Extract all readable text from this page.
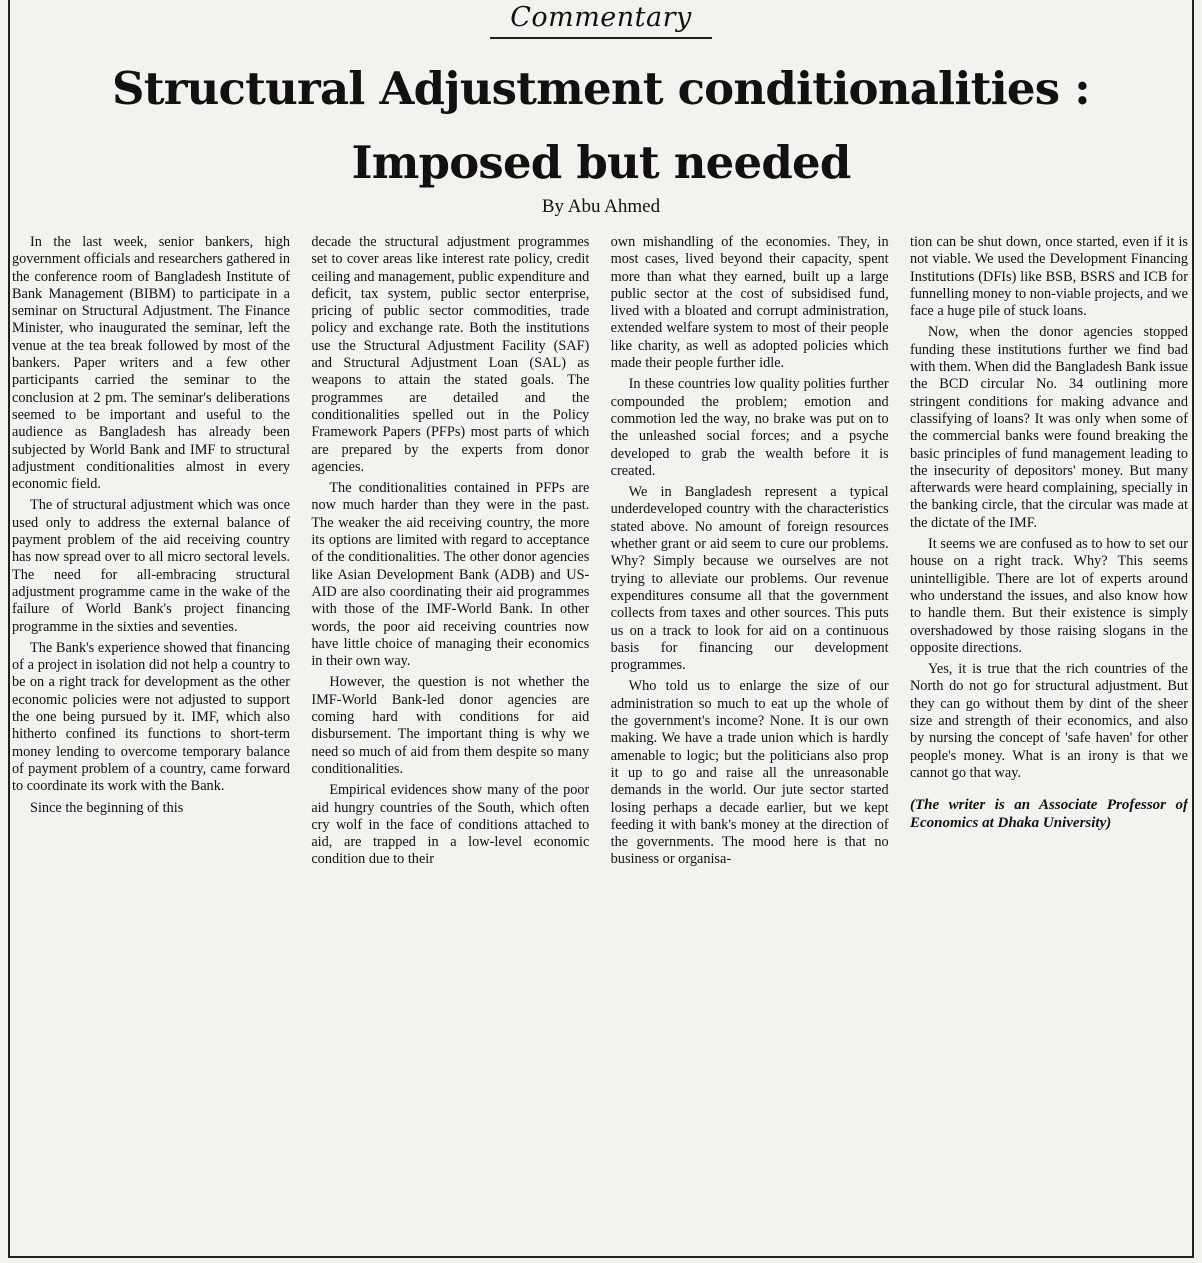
Commentary
Structural Adjustment conditionalities :
Imposed but needed
By Abu Ahmed

In the last week, senior bankers, high government officials and researchers gathered in the conference room of Bangladesh Institute of Bank Management (BIBM) to participate in a seminar on Structural Adjustment. The Finance Minister, who inaugurated the seminar, left the venue at the tea break followed by most of the bankers. Paper writers and a few other participants carried the seminar to the conclusion at 2 pm. The seminar's deliberations seemed to be important and useful to the audience as Bangladesh has already been subjected by World Bank and IMF to structural adjustment conditionalities almost in every economic field.

The of structural adjustment which was once used only to address the external balance of payment problem of the aid receiving country has now spread over to all micro sectoral levels. The need for all-embracing structural adjustment programme came in the wake of the failure of World Bank's project financing programme in the sixties and seventies.

The Bank's experience showed that financing of a project in isolation did not help a country to be on a right track for development as the other economic policies were not adjusted to support the one being pursued by it. IMF, which also hitherto confined its functions to short-term money lending to overcome temporary balance of payment problem of a country, came forward to coordinate its work with the Bank.

Since the beginning of this

decade the structural adjustment programmes set to cover areas like interest rate policy, credit ceiling and management, public expenditure and deficit, tax system, public sector enterprise, pricing of public sector commodities, trade policy and exchange rate. Both the institutions use the Structural Adjustment Facility (SAF) and Structural Adjustment Loan (SAL) as weapons to attain the stated goals. The programmes are detailed and the conditionalities spelled out in the Policy Framework Papers (PFPs) most parts of which are prepared by the experts from donor agencies.

The conditionalities contained in PFPs are now much harder than they were in the past. The weaker the aid receiving country, the more its options are limited with regard to acceptance of the conditionalities. The other donor agencies like Asian Development Bank (ADB) and US-AID are also coordinating their aid programmes with those of the IMF-World Bank. In other words, the poor aid receiving countries now have little choice of managing their economics in their own way.

However, the question is not whether the IMF-World Bank-led donor agencies are coming hard with conditions for aid disbursement. The important thing is why we need so much of aid from them despite so many conditionalities.

Empirical evidences show many of the poor aid hungry countries of the South, which often cry wolf in the face of conditions attached to aid, are trapped in a low-level economic condition due to their

own mishandling of the economies. They, in most cases, lived beyond their capacity, spent more than what they earned, built up a large public sector at the cost of subsidised fund, lived with a bloated and corrupt administration, extended welfare system to most of their people like charity, as well as adopted policies which made their people further idle.

In these countries low quality polities further compounded the problem; emotion and commotion led the way, no brake was put on to the unleashed social forces; and a psyche developed to grab the wealth before it is created.

We in Bangladesh represent a typical underdeveloped country with the characteristics stated above. No amount of foreign resources whether grant or aid seem to cure our problems. Why? Simply because we ourselves are not trying to alleviate our problems. Our revenue expenditures consume all that the government collects from taxes and other sources. This puts us on a track to look for aid on a continuous basis for financing our development programmes.

Who told us to enlarge the size of our administration so much to eat up the whole of the government's income? None. It is our own making. We have a trade union which is hardly amenable to logic; but the politicians also prop it up to go and raise all the unreasonable demands in the world. Our jute sector started losing perhaps a decade earlier, but we kept feeding it with bank's money at the direction of the governments. The mood here is that no business or organisa-

tion can be shut down, once started, even if it is not viable. We used the Development Financing Institutions (DFIs) like BSB, BSRS and ICB for funnelling money to non-viable projects, and we face a huge pile of stuck loans.

Now, when the donor agencies stopped funding these institutions further we find bad with them. When did the Bangladesh Bank issue the BCD circular No. 34 outlining more stringent conditions for making advance and classifying of loans? It was only when some of the commercial banks were found breaking the basic principles of fund management leading to the insecurity of depositors' money. But many afterwards were heard complaining, specially in the banking circle, that the circular was made at the dictate of the IMF.

It seems we are confused as to how to set our house on a right track. Why? This seems unintelligible. There are lot of experts around who understand the issues, and also know how to handle them. But their existence is simply overshadowed by those raising slogans in the opposite directions.

Yes, it is true that the rich countries of the North do not go for structural adjustment. But they can go without them by dint of the sheer size and strength of their economics, and also by nursing the concept of 'safe haven' for other people's money. What is an irony is that we cannot go that way.

(The writer is an Associate Professor of Economics at Dhaka University)
